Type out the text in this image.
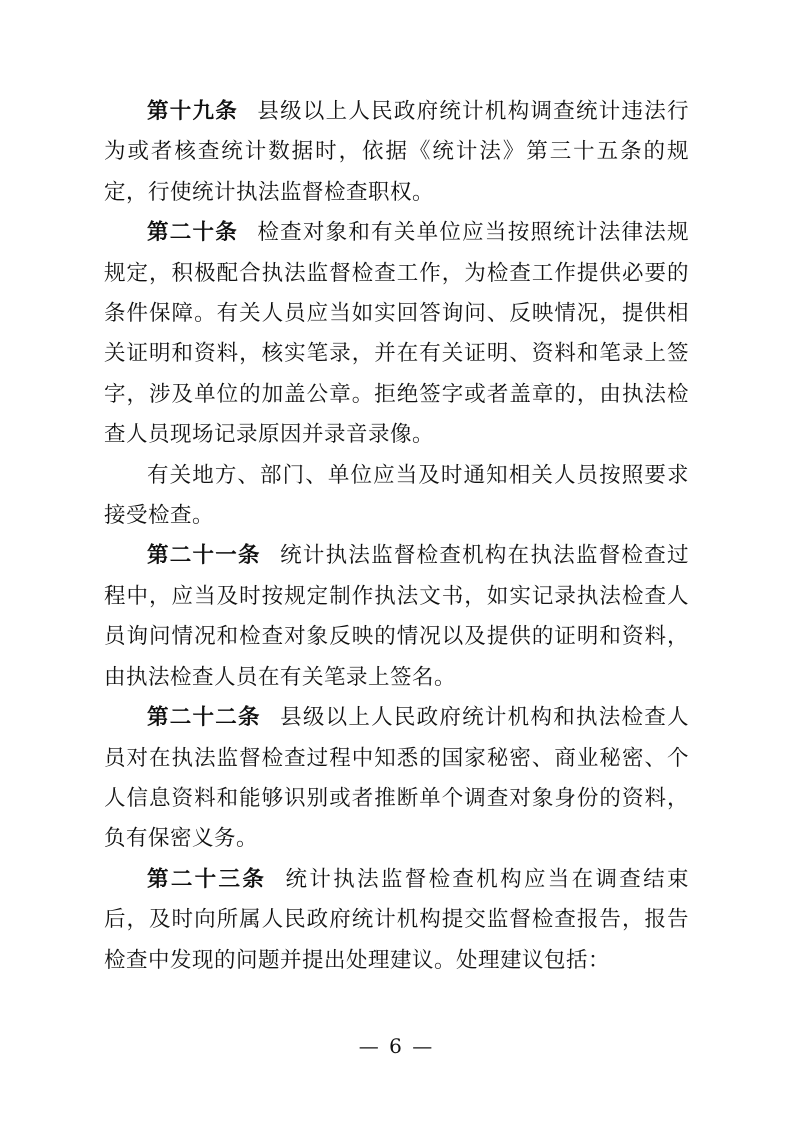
第十九条 县级以上人民政府统计机构调查统计违法行为或者核查统计数据时，依据《统计法》第三十五条的规定，行使统计执法监督检查职权。

第二十条 检查对象和有关单位应当按照统计法律法规规定，积极配合执法监督检查工作，为检查工作提供必要的条件保障。有关人员应当如实回答询问、反映情况，提供相关证明和资料，核实笔录，并在有关证明、资料和笔录上签字，涉及单位的加盖公章。拒绝签字或者盖章的，由执法检查人员现场记录原因并录音录像。

有关地方、部门、单位应当及时通知相关人员按照要求接受检查。

第二十一条 统计执法监督检查机构在执法监督检查过程中，应当及时按规定制作执法文书，如实记录执法检查人员询问情况和检查对象反映的情况以及提供的证明和资料，由执法检查人员在有关笔录上签名。

第二十二条 县级以上人民政府统计机构和执法检查人员对在执法监督检查过程中知悉的国家秘密、商业秘密、个人信息资料和能够识别或者推断单个调查对象身份的资料，负有保密义务。

第二十三条 统计执法监督检查机构应当在调查结束后，及时向所属人民政府统计机构提交监督检查报告，报告检查中发现的问题并提出处理建议。处理建议包括：

— 6 —
